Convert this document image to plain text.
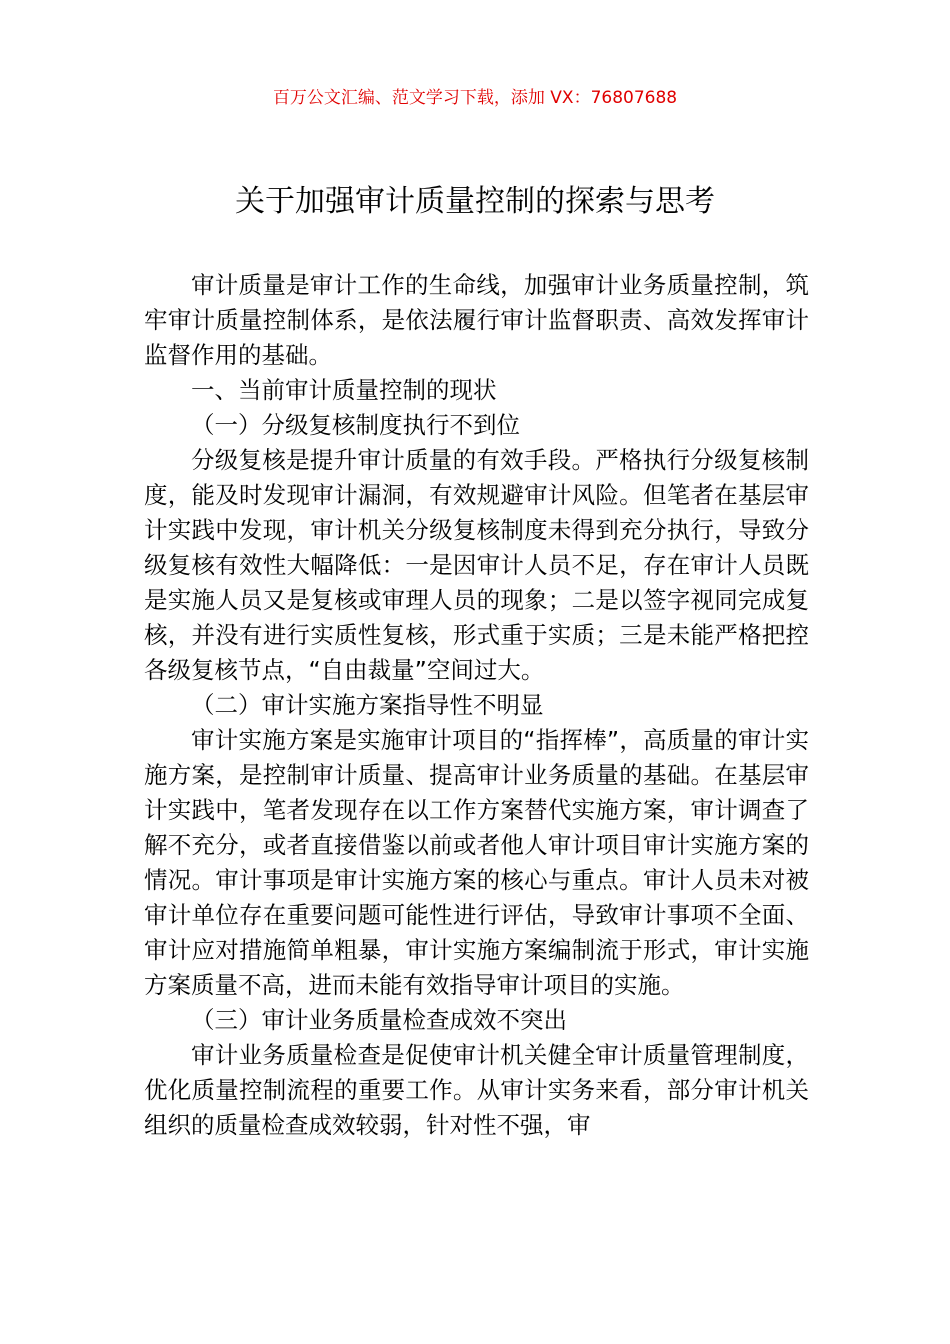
百万公文汇编、范文学习下载，添加 VX：76807688
关于加强审计质量控制的探索与思考

审计质量是审计工作的生命线，加强审计业务质量控制，筑牢审计质量控制体系，是依法履行审计监督职责、高效发挥审计监督作用的基础。

一、当前审计质量控制的现状

（一）分级复核制度执行不到位

分级复核是提升审计质量的有效手段。严格执行分级复核制度，能及时发现审计漏洞，有效规避审计风险。但笔者在基层审计实践中发现，审计机关分级复核制度未得到充分执行，导致分级复核有效性大幅降低：一是因审计人员不足，存在审计人员既是实施人员又是复核或审理人员的现象；二是以签字视同完成复核，并没有进行实质性复核，形式重于实质；三是未能严格把控各级复核节点，“自由裁量”空间过大。

（二）审计实施方案指导性不明显

审计实施方案是实施审计项目的“指挥棒”，高质量的审计实施方案，是控制审计质量、提高审计业务质量的基础。在基层审计实践中，笔者发现存在以工作方案替代实施方案，审计调查了解不充分，或者直接借鉴以前或者他人审计项目审计实施方案的情况。审计事项是审计实施方案的核心与重点。审计人员未对被审计单位存在重要问题可能性进行评估，导致审计事项不全面、审计应对措施简单粗暴，审计实施方案编制流于形式，审计实施方案质量不高，进而未能有效指导审计项目的实施。

（三）审计业务质量检查成效不突出

审计业务质量检查是促使审计机关健全审计质量管理制度，优化质量控制流程的重要工作。从审计实务来看，部分审计机关组织的质量检查成效较弱，针对性不强，审
